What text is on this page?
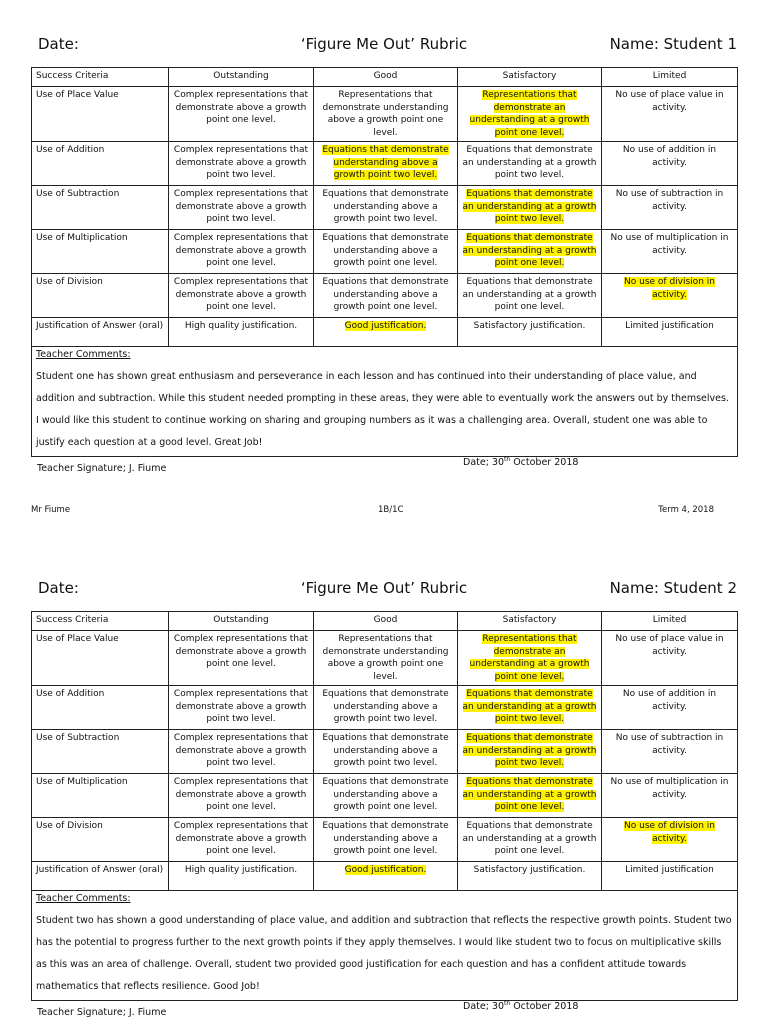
Date:	‘Figure Me Out’ Rubric	Name: Student 1
Success Criteria	Outstanding	Good	Satisfactory	Limited
Use of Place Value	Complex representations that demonstrate above a growth point one level.	Representations that demonstrate understanding above a growth point one level.	Representations that demonstrate an understanding at a growth point one level.	No use of place value in activity.
Use of Addition	Complex representations that demonstrate above a growth point two level.	Equations that demonstrate understanding above a growth point two level.	Equations that demonstrate an understanding at a growth point two level.	No use of addition in activity.
Use of Subtraction	Complex representations that demonstrate above a growth point two level.	Equations that demonstrate understanding above a growth point two level.	Equations that demonstrate an understanding at a growth point two level.	No use of subtraction in activity.
Use of Multiplication	Complex representations that demonstrate above a growth point one level.	Equations that demonstrate understanding above a growth point one level.	Equations that demonstrate an understanding at a growth point one level.	No use of multiplication in activity.
Use of Division	Complex representations that demonstrate above a growth point one level.	Equations that demonstrate understanding above a growth point one level.	Equations that demonstrate an understanding at a growth point one level.	No use of division in activity.
Justification of Answer (oral)	High quality justification.	Good justification.	Satisfactory justification.	Limited justification

Teacher Comments:
Student one has shown great enthusiasm and perseverance in each lesson and has continued into their understanding of place value, and addition and subtraction. While this student needed prompting in these areas, they were able to eventually work the answers out by themselves. I would like this student to continue working on sharing and grouping numbers as it was a challenging area. Overall, student one was able to justify each question at a good level. Great Job!				
Teacher Signature; J. Fiume
Date; 30th October 2018
Mr Fiume	1B/1C	Term 4, 2018
Date:	‘Figure Me Out’ Rubric	Name: Student 2
Success Criteria	Outstanding	Good	Satisfactory	Limited
Use of Place Value	Complex representations that demonstrate above a growth point one level.	Representations that demonstrate understanding above a growth point one level.	Representations that demonstrate an understanding at a growth point one level.	No use of place value in activity.
Use of Addition	Complex representations that demonstrate above a growth point two level.	Equations that demonstrate understanding above a growth point two level.	Equations that demonstrate an understanding at a growth point two level.	No use of addition in activity.
Use of Subtraction	Complex representations that demonstrate above a growth point two level.	Equations that demonstrate understanding above a growth point two level.	Equations that demonstrate an understanding at a growth point two level.	No use of subtraction in activity.
Use of Multiplication	Complex representations that demonstrate above a growth point one level.	Equations that demonstrate understanding above a growth point one level.	Equations that demonstrate an understanding at a growth point one level.	No use of multiplication in activity.
Use of Division	Complex representations that demonstrate above a growth point one level.	Equations that demonstrate understanding above a growth point one level.	Equations that demonstrate an understanding at a growth point one level.	No use of division in activity.
Justification of Answer (oral)	High quality justification.	Good justification.	Satisfactory justification.	Limited justification

Teacher Comments:
Student two has shown a good understanding of place value, and addition and subtraction that reflects the respective growth points. Student two has the potential to progress further to the next growth points if they apply themselves. I would like student two to focus on multiplicative skills as this was an area of challenge. Overall, student two provided good justification for each question and has a confident attitude towards mathematics that reflects resilience. Good Job!				
Teacher Signature; J. Fiume
Date; 30th October 2018
